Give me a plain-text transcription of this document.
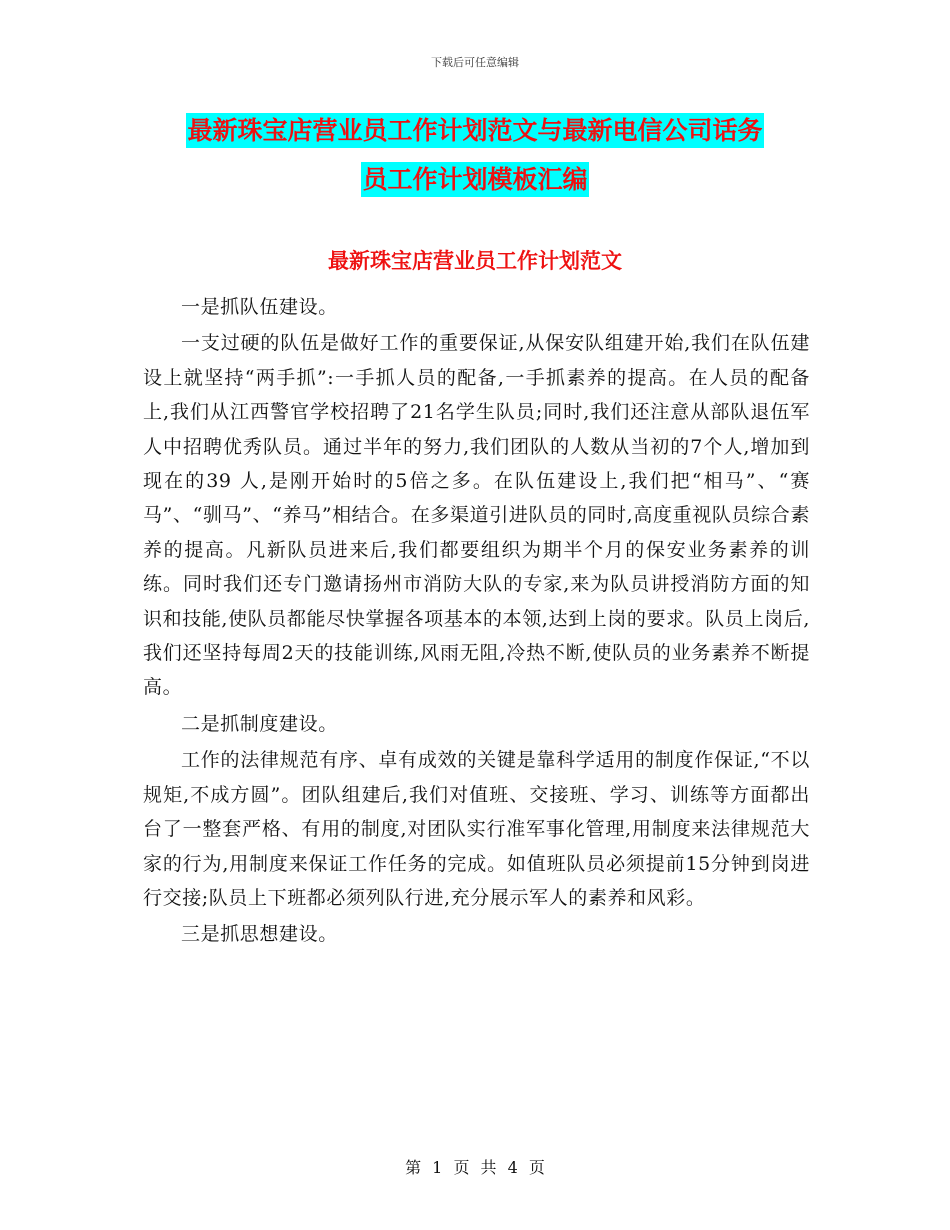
下载后可任意编辑
最新珠宝店营业员工作计划范文与最新电信公司话务
员工作计划模板汇编
最新珠宝店营业员工作计划范文

一是抓队伍建设。

一支过硬的队伍是做好工作的重要保证,从保安队组建开始,我们在队伍建设上就坚持“两手抓”:一手抓人员的配备,一手抓素养的提高。在人员的配备上,我们从江西警官学校招聘了21名学生队员;同时,我们还注意从部队退伍军人中招聘优秀队员。通过半年的努力,我们团队的人数从当初的7个人,增加到现在的39 人,是刚开始时的5倍之多。在队伍建设上,我们把“相马”、“赛马”、“驯马”、“养马”相结合。在多渠道引进队员的同时,高度重视队员综合素养的提高。凡新队员进来后,我们都要组织为期半个月的保安业务素养的训练。同时我们还专门邀请扬州市消防大队的专家,来为队员讲授消防方面的知识和技能,使队员都能尽快掌握各项基本的本领,达到上岗的要求。队员上岗后,我们还坚持每周2天的技能训练,风雨无阻,冷热不断,使队员的业务素养不断提高。

二是抓制度建设。

工作的法律规范有序、卓有成效的关键是靠科学适用的制度作保证,“不以规矩,不成方圆”。团队组建后,我们对值班、交接班、学习、训练等方面都出台了一整套严格、有用的制度,对团队实行准军事化管理,用制度来法律规范大家的行为,用制度来保证工作任务的完成。如值班队员必须提前15分钟到岗进行交接;队员上下班都必须列队行进,充分展示军人的素养和风彩。

三是抓思想建设。

第 1 页 共 4 页
